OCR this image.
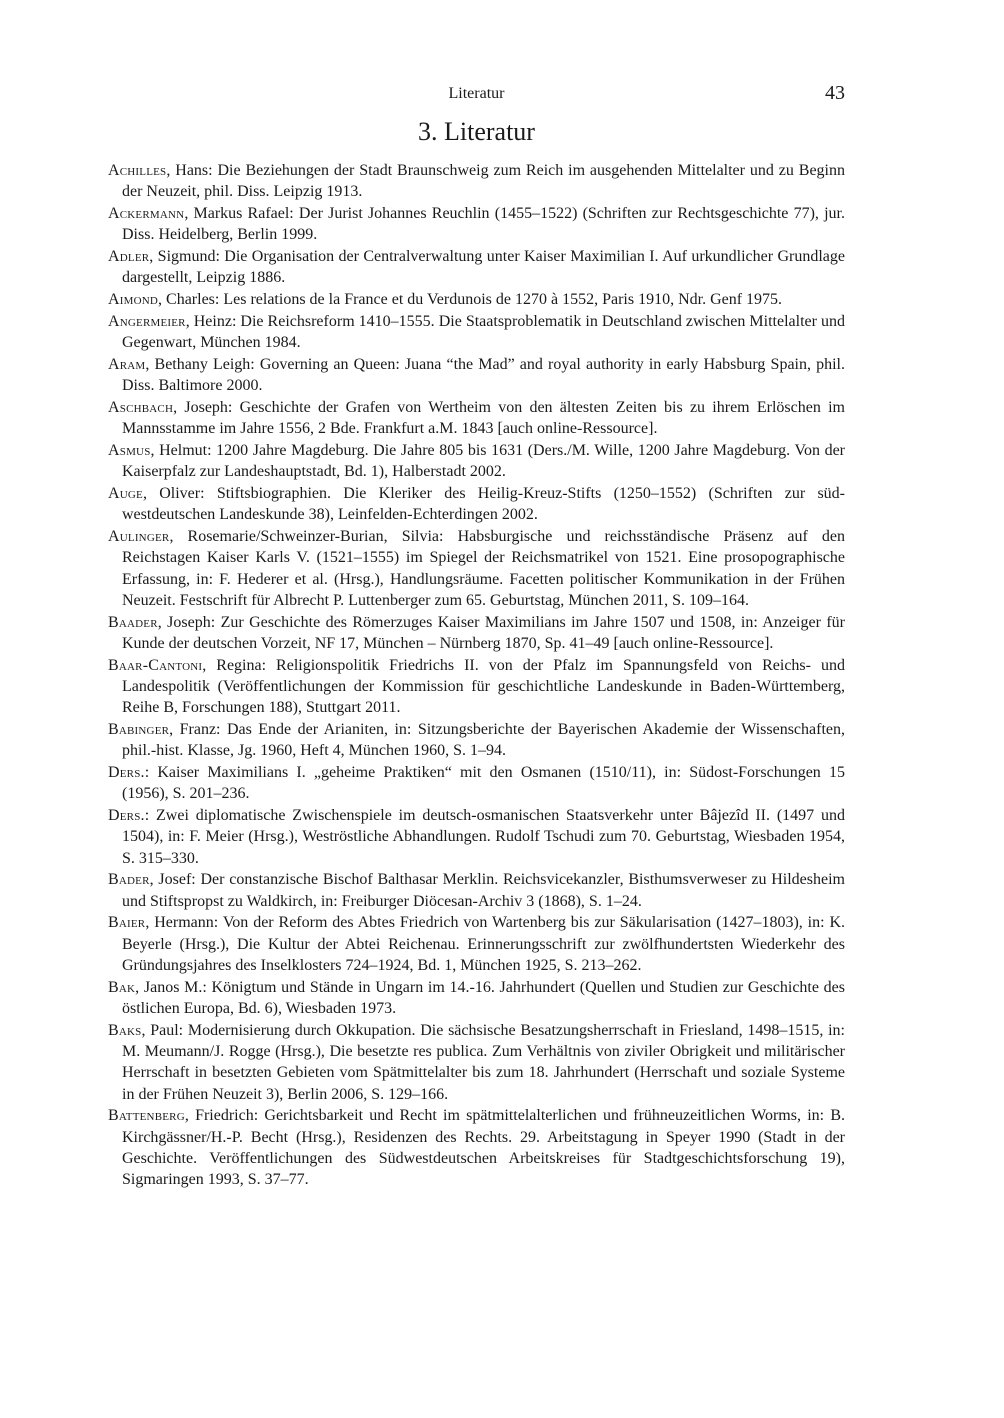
Literatur	43
3. Literatur
Achilles, Hans: Die Beziehungen der Stadt Braunschweig zum Reich im ausgehenden Mittelalter und zu Beginn der Neuzeit, phil. Diss. Leipzig 1913.
Ackermann, Markus Rafael: Der Jurist Johannes Reuchlin (1455–1522) (Schriften zur Rechtsgeschichte 77), jur. Diss. Heidelberg, Berlin 1999.
Adler, Sigmund: Die Organisation der Centralverwaltung unter Kaiser Maximilian I. Auf urkundlicher Grundlage dargestellt, Leipzig 1886.
Aimond, Charles: Les relations de la France et du Verdunois de 1270 à 1552, Paris 1910, Ndr. Genf 1975.
Angermeier, Heinz: Die Reichsreform 1410–1555. Die Staatsproblematik in Deutschland zwischen Mittelalter und Gegenwart, München 1984.
Aram, Bethany Leigh: Governing an Queen: Juana “the Mad” and royal authority in early Habsburg Spain, phil. Diss. Baltimore 2000.
Aschbach, Joseph: Geschichte der Grafen von Wertheim von den ältesten Zeiten bis zu ihrem Erlöschen im Mannsstamme im Jahre 1556, 2 Bde. Frankfurt a.M. 1843 [auch online-Ressource].
Asmus, Helmut: 1200 Jahre Magdeburg. Die Jahre 805 bis 1631 (Ders./M. Wille, 1200 Jahre Magdeburg. Von der Kaiserpfalz zur Landeshauptstadt, Bd. 1), Halberstadt 2002.
Auge, Oliver: Stiftsbiographien. Die Kleriker des Heilig-Kreuz-Stifts (1250–1552) (Schriften zur südwestdeutschen Landeskunde 38), Leinfelden-Echterdingen 2002.
Aulinger, Rosemarie/Schweinzer-Burian, Silvia: Habsburgische und reichsständische Präsenz auf den Reichstagen Kaiser Karls V. (1521–1555) im Spiegel der Reichsmatrikel von 1521. Eine prosopographische Erfassung, in: F. Hederer et al. (Hrsg.), Handlungsräume. Facetten politischer Kommunikation in der Frühen Neuzeit. Festschrift für Albrecht P. Luttenberger zum 65. Geburtstag, München 2011, S. 109–164.
Baader, Joseph: Zur Geschichte des Römerzuges Kaiser Maximilians im Jahre 1507 und 1508, in: Anzeiger für Kunde der deutschen Vorzeit, NF 17, München – Nürnberg 1870, Sp. 41–49 [auch online-Ressource].
Baar-Cantoni, Regina: Religionspolitik Friedrichs II. von der Pfalz im Spannungsfeld von Reichs- und Landespolitik (Veröffentlichungen der Kommission für geschichtliche Landeskunde in Baden-Württemberg, Reihe B, Forschungen 188), Stuttgart 2011.
Babinger, Franz: Das Ende der Arianiten, in: Sitzungsberichte der Bayerischen Akademie der Wissenschaften, phil.-hist. Klasse, Jg. 1960, Heft 4, München 1960, S. 1–94.
Ders.: Kaiser Maximilians I. „geheime Praktiken“ mit den Osmanen (1510/11), in: Südost-Forschungen 15 (1956), S. 201–236.
Ders.: Zwei diplomatische Zwischenspiele im deutsch-osmanischen Staatsverkehr unter Bâjezîd II. (1497 und 1504), in: F. Meier (Hrsg.), Weströstliche Abhandlungen. Rudolf Tschudi zum 70. Geburtstag, Wiesbaden 1954, S. 315–330.
Bader, Josef: Der constanzische Bischof Balthasar Merklin. Reichsvicekanzler, Bisthumsverweser zu Hildesheim und Stiftspropst zu Waldkirch, in: Freiburger Diöcesan-Archiv 3 (1868), S. 1–24.
Baier, Hermann: Von der Reform des Abtes Friedrich von Wartenberg bis zur Säkularisation (1427–1803), in: K. Beyerle (Hrsg.), Die Kultur der Abtei Reichenau. Erinnerungsschrift zur zwölfhundertsten Wiederkehr des Gründungsjahres des Inselklosters 724–1924, Bd. 1, München 1925, S. 213–262.
Bak, Janos M.: Königtum und Stände in Ungarn im 14.-16. Jahrhundert (Quellen und Studien zur Geschichte des östlichen Europa, Bd. 6), Wiesbaden 1973.
Baks, Paul: Modernisierung durch Okkupation. Die sächsische Besatzungsherrschaft in Friesland, 1498–1515, in: M. Meumann/J. Rogge (Hrsg.), Die besetzte res publica. Zum Verhältnis von ziviler Obrigkeit und militärischer Herrschaft in besetzten Gebieten vom Spätmittelalter bis zum 18. Jahrhundert (Herrschaft und soziale Systeme in der Frühen Neuzeit 3), Berlin 2006, S. 129–166.
Battenberg, Friedrich: Gerichtsbarkeit und Recht im spätmittelalterlichen und frühneuzeitlichen Worms, in: B. Kirchgässner/H.-P. Becht (Hrsg.), Residenzen des Rechts. 29. Arbeitstagung in Speyer 1990 (Stadt in der Geschichte. Veröffentlichungen des Südwestdeutschen Arbeitskreises für Stadtgeschichtsforschung 19), Sigmaringen 1993, S. 37–77.
